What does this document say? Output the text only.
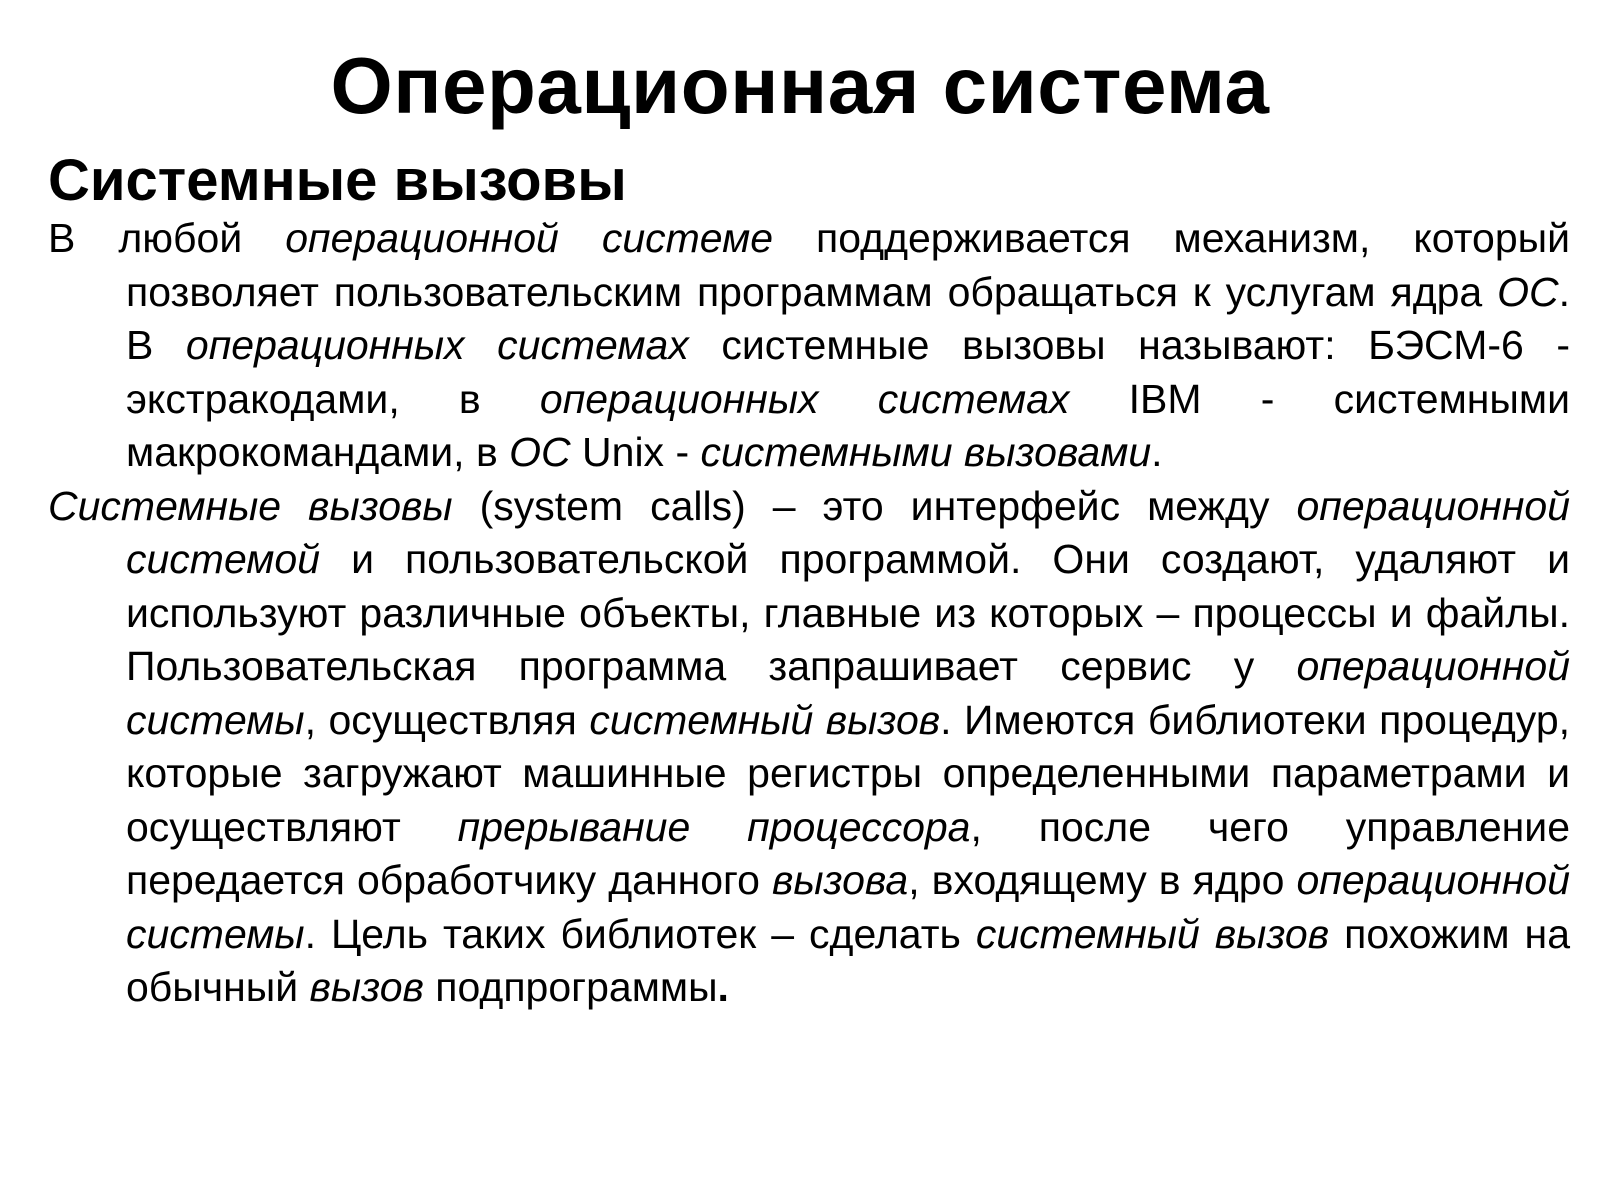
Операционная система
Системные вызовы

В любой операционной системе поддерживается механизм, который позволяет пользовательским программам обращаться к услугам ядра ОС. В операционных системах системные вызовы называют: БЭСМ-6 - экстракодами, в операционных системах IBM - системными макрокомандами, в ОС Unix - системными вызовами.

Системные вызовы (system calls) – это интерфейс между операционной системой и пользовательской программой. Они создают, удаляют и используют различные объекты, главные из которых – процессы и файлы. Пользовательская программа запрашивает сервис у операционной системы, осуществляя системный вызов. Имеются библиотеки процедур, которые загружают машинные регистры определенными параметрами и осуществляют прерывание процессора, после чего управление передается обработчику данного вызова, входящему в ядро операционной системы. Цель таких библиотек – сделать системный вызов похожим на обычный вызов подпрограммы.
